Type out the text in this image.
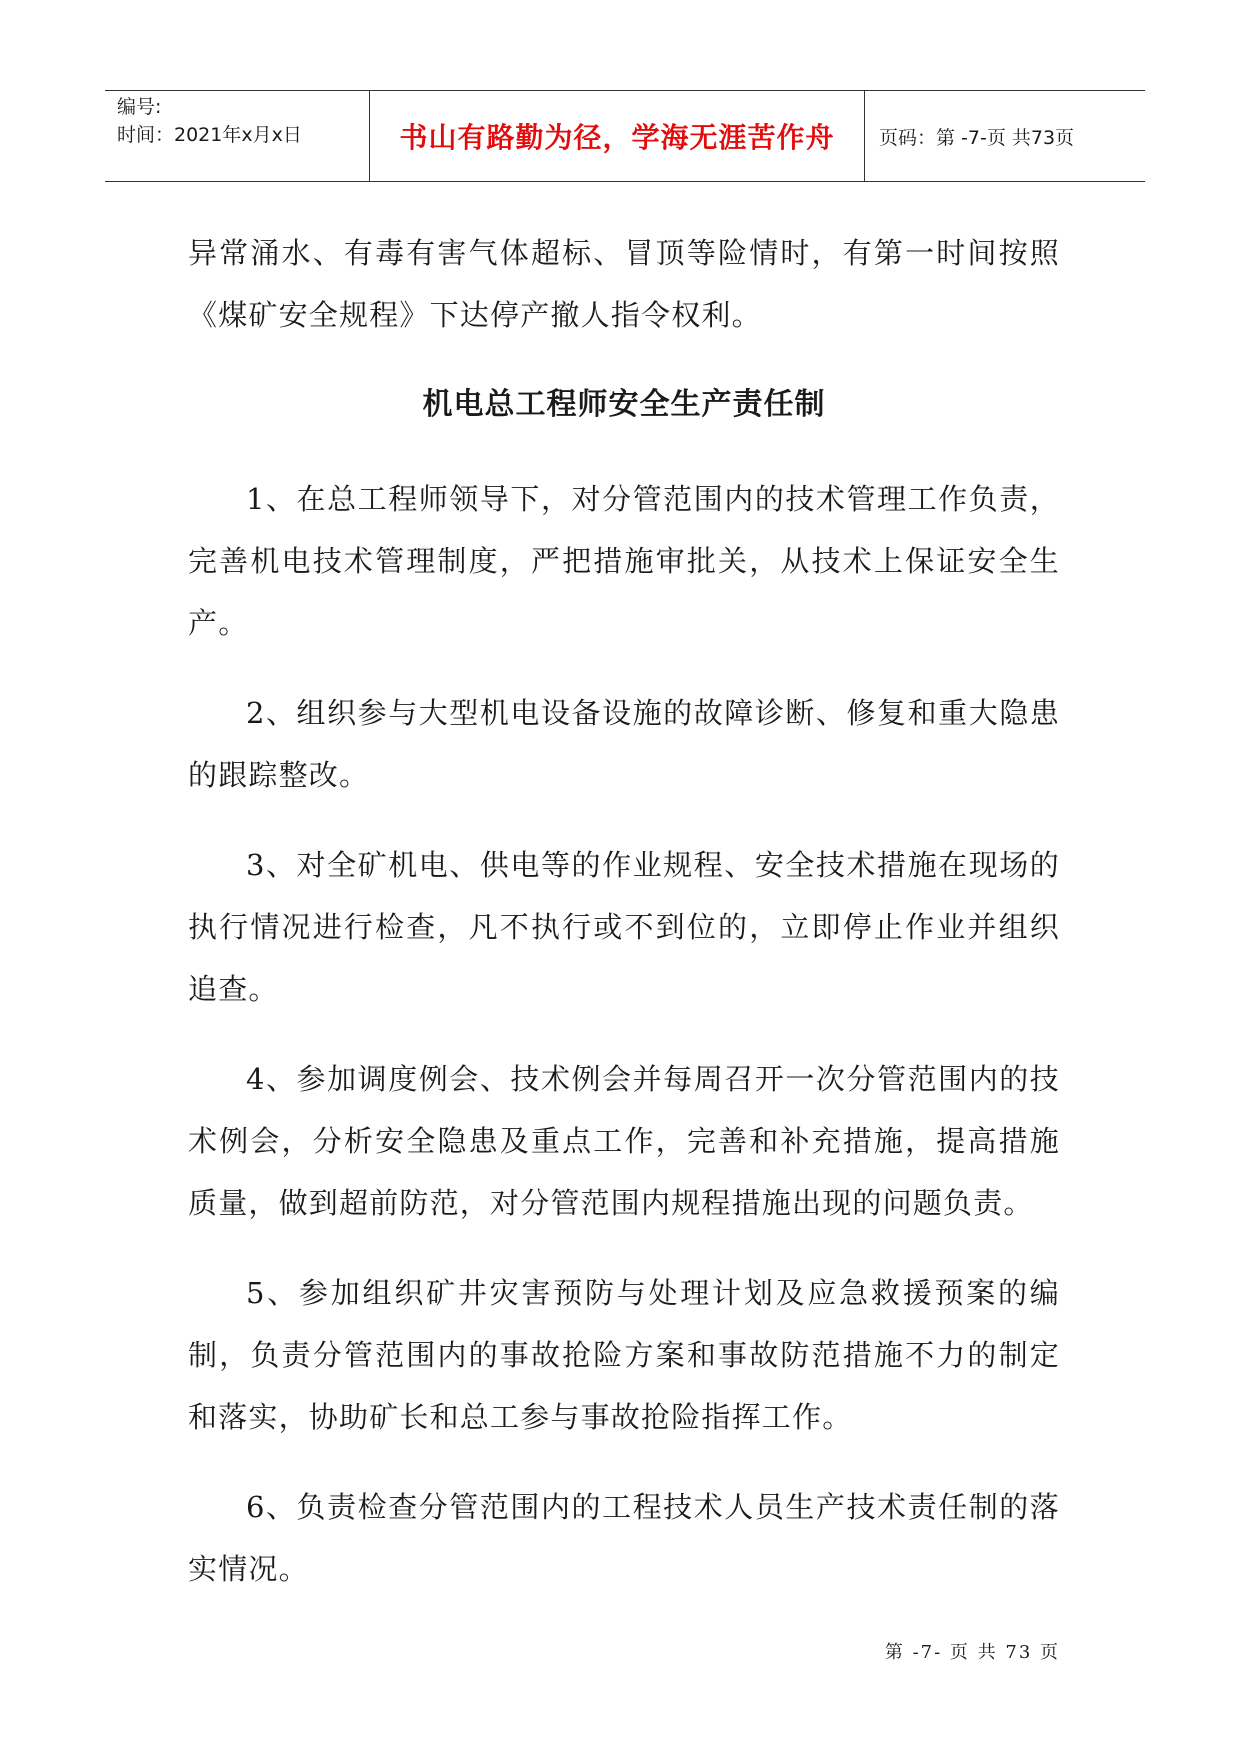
编号:
时间：2021年x月x日	书山有路勤为径，学海无涯苦作舟 页码：第 -7-页 共73页

异常涌水、有毒有害气体超标、冒顶等险情时，有第一时间按照《煤矿安全规程》下达停产撤人指令权利。

机电总工程师安全生产责任制

1、在总工程师领导下，对分管范围内的技术管理工作负责，完善机电技术管理制度，严把措施审批关，从技术上保证安全生产。

2、组织参与大型机电设备设施的故障诊断、修复和重大隐患的跟踪整改。

3、对全矿机电、供电等的作业规程、安全技术措施在现场的执行情况进行检查，凡不执行或不到位的，立即停止作业并组织追查。

4、参加调度例会、技术例会并每周召开一次分管范围内的技术例会，分析安全隐患及重点工作，完善和补充措施，提高措施质量，做到超前防范，对分管范围内规程措施出现的问题负责。

5、参加组织矿井灾害预防与处理计划及应急救援预案的编制，负责分管范围内的事故抢险方案和事故防范措施不力的制定和落实，协助矿长和总工参与事故抢险指挥工作。

6、负责检查分管范围内的工程技术人员生产技术责任制的落实情况。

第 -7- 页 共 73 页
